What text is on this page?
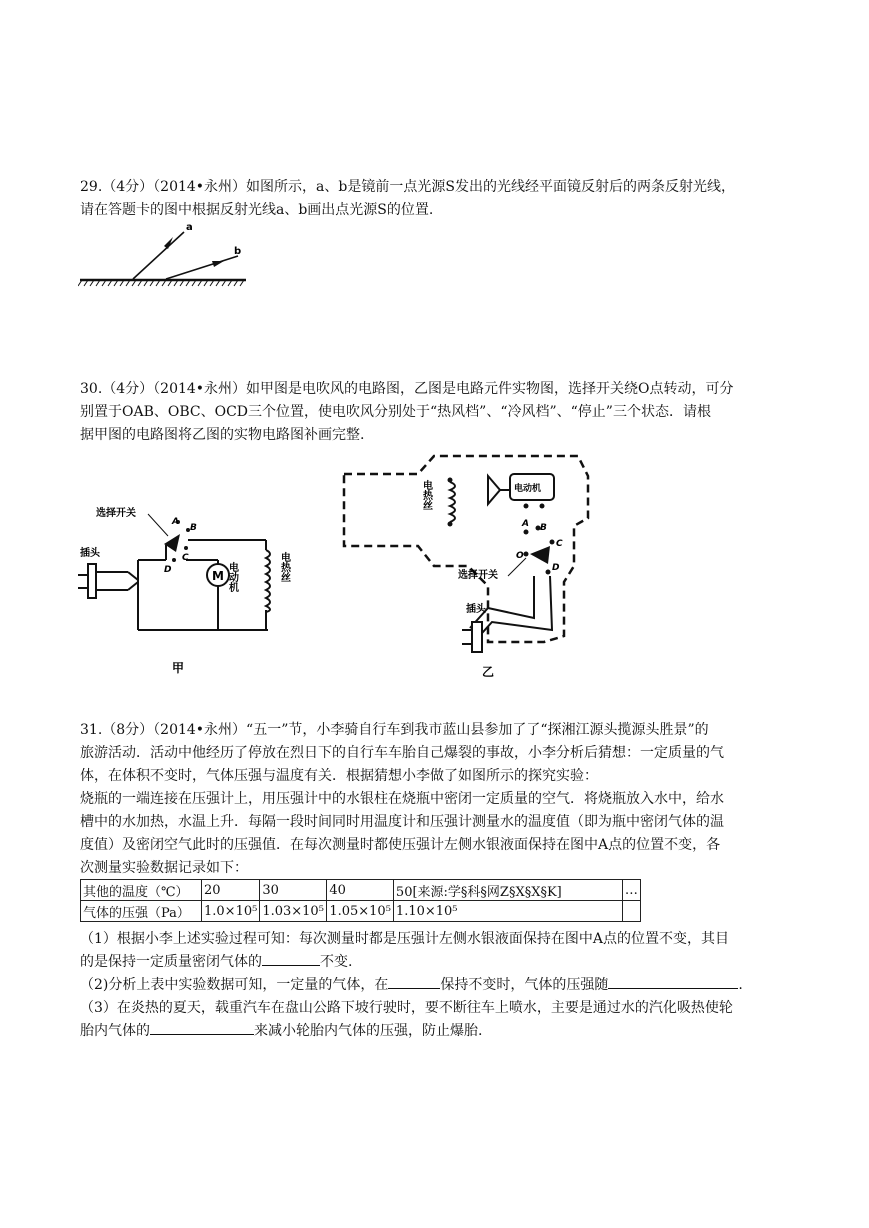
29.（4分）（2014•永州）如图所示，a、b是镜前一点光源S发出的光线经平面镜反射后的两条反射光线，
请在答题卡的图中根据反射光线a、b画出点光源S的位置.
a
b
30.（4分）（2014•永州）如甲图是电吹风的电路图，乙图是电路元件实物图，选择开关绕O点转动，可分
别置于OAB、OBC、OCD三个位置，使电吹风分别处于“热风档”、“冷风档”、“停止”三个状态．请根
据甲图的电路图将乙图的实物电路图补画完整.
M
选择开关
插头
A
B
C
D	电动机	电热丝
甲
电动机
A B
C
D
O
电热丝
选择开关
插头
乙
31.（8分）（2014•永州）“五一”节，小李骑自行车到我市蓝山县参加了了“探湘江源头揽源头胜景”的
旅游活动．活动中他经历了停放在烈日下的自行车车胎自己爆裂的事故，小李分析后猜想：一定质量的气
体，在体积不变时，气体压强与温度有关．根据猜想小李做了如图所示的探究实验：
烧瓶的一端连接在压强计上，用压强计中的水银柱在烧瓶中密闭一定质量的空气．将烧瓶放入水中，给水
槽中的水加热，水温上升．每隔一段时间同时用温度计和压强计测量水的温度值（即为瓶中密闭气体的温
度值）及密闭空气此时的压强值．在每次测量时都使压强计左侧水银液面保持在图中A点的位置不变，各
次测量实验数据记录如下：
其他的温度（℃）	20	30	40	50[来源:学§科§网Z§X§X§K]	…
气体的压强（Pa）	1.0×10⁵	1.03×10⁵	1.05×10⁵	1.10×10⁵	
（1）根据小李上述实验过程可知：每次测量时都是压强计左侧水银液面保持在图中A点的位置不变，其目
的是保持一定质量密闭气体的	不变.
（2)分析上表中实验数据可知，一定量的气体，在	保持不变时，气体的压强随	.
（3）在炎热的夏天，载重汽车在盘山公路下坡行驶时，要不断往车上喷水，主要是通过水的汽化吸热使轮
胎内气体的	来减小轮胎内气体的压强，防止爆胎.
